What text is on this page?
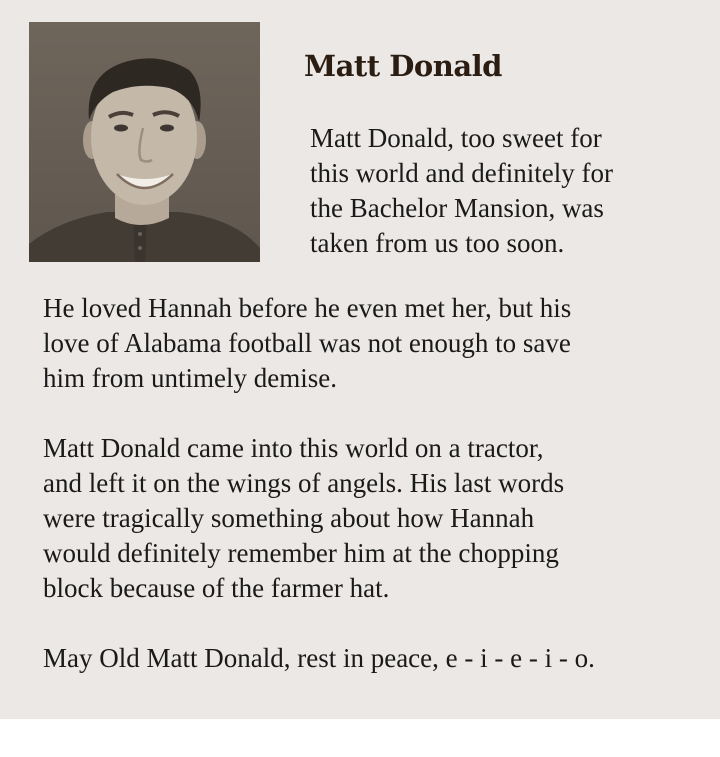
Matt Donald

Matt Donald, too sweet for
this world and definitely for
the Bachelor Mansion, was
taken from us too soon.

He loved Hannah before he even met her, but his
love of Alabama football was not enough to save
him from untimely demise.

Matt Donald came into this world on a tractor,
and left it on the wings of angels. His last words
were tragically something about how Hannah
would definitely remember him at the chopping
block because of the farmer hat.

May Old Matt Donald, rest in peace, e - i - e - i - o.
